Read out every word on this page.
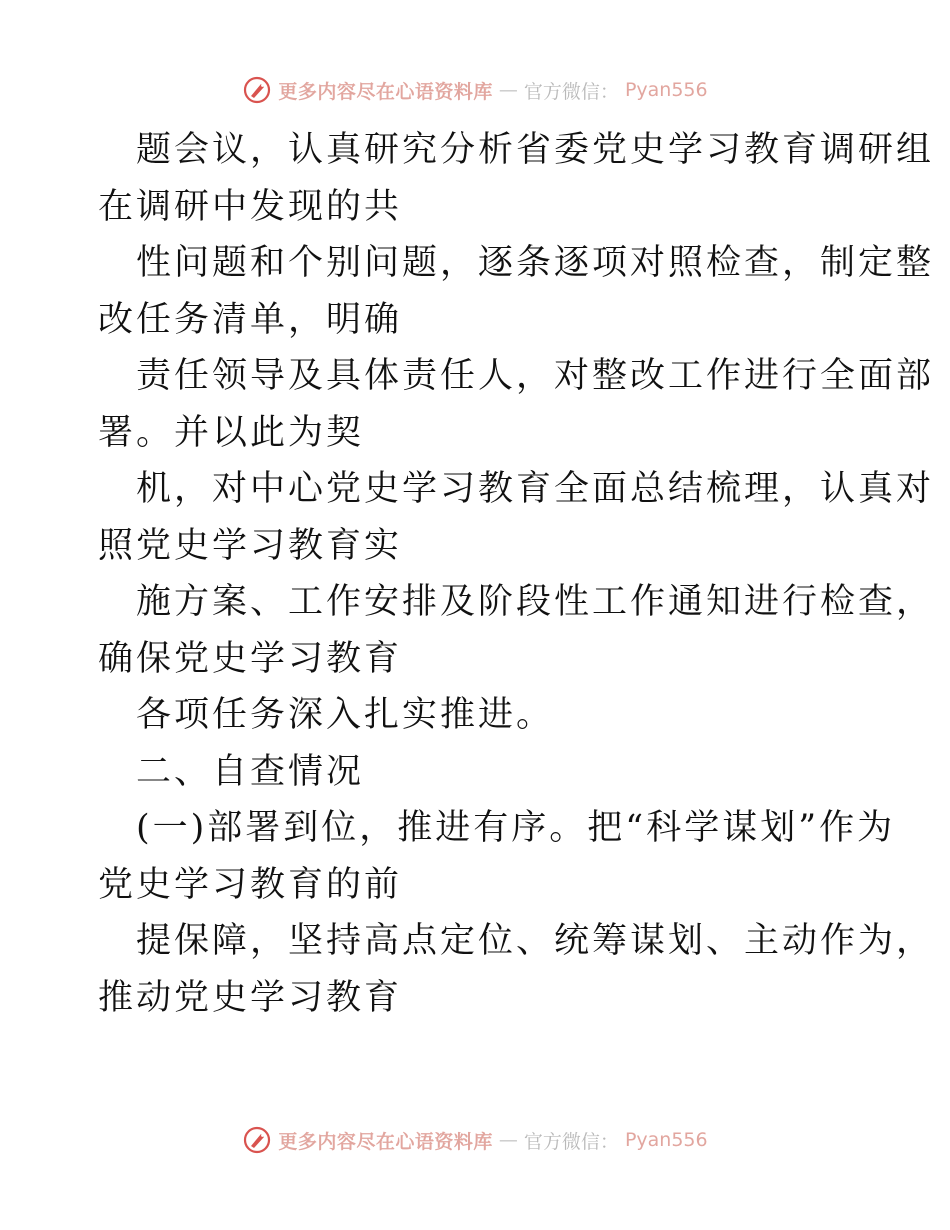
更多内容尽在心语资料库 — 官方微信： Pyan556
题会议，认真研究分析省委党史学习教育调研组
在调研中发现的共
性问题和个别问题，逐条逐项对照检查，制定整
改任务清单，明确
责任领导及具体责任人，对整改工作进行全面部
署。并以此为契
机，对中心党史学习教育全面总结梳理，认真对
照党史学习教育实
施方案、工作安排及阶段性工作通知进行检查，
确保党史学习教育
各项任务深入扎实推进。
二、自查情况
(一)部署到位，推进有序。把“科学谋划”作为
党史学习教育的前
提保障，坚持高点定位、统筹谋划、主动作为，
推动党史学习教育
更多内容尽在心语资料库 — 官方微信： Pyan556
